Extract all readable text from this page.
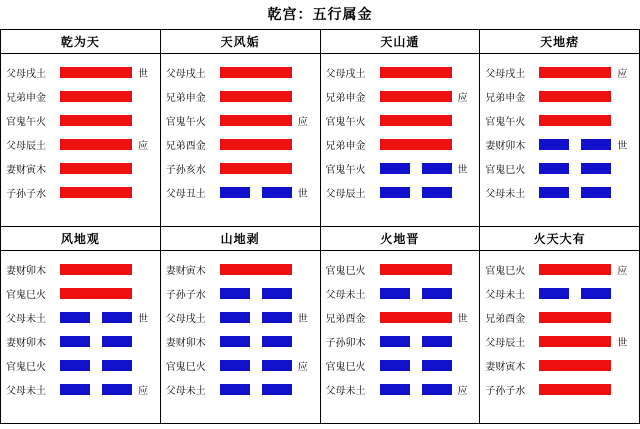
乾宫：五行属金
乾为天
父母戌土	世
兄弟申金
官鬼午火
父母辰土	应
妻财寅木
子孙子水
天风姤
父母戌土
兄弟申金
官鬼午火	应
兄弟酉金
子孙亥水
父母丑土	世
天山遁
父母戌土
兄弟申金	应
官鬼午火
兄弟申金
官鬼午火	世
父母辰土
天地痞
父母戌土	应
兄弟申金
官鬼午火
妻财卯木	世
官鬼巳火
父母未土
风地观
妻财卯木
官鬼巳火
父母未土	世
妻财卯木
官鬼巳火
父母未土	应
山地剥
妻财寅木
子孙子水
父母戌土	世
妻财卯木
官鬼巳火	应
父母未土
火地晋
官鬼巳火
父母未土
兄弟酉金	世
子孙卯木
官鬼巳火
父母未土	应
火天大有
官鬼巳火	应
父母未土
兄弟酉金
父母辰土	世
妻财寅木
子孙子水
